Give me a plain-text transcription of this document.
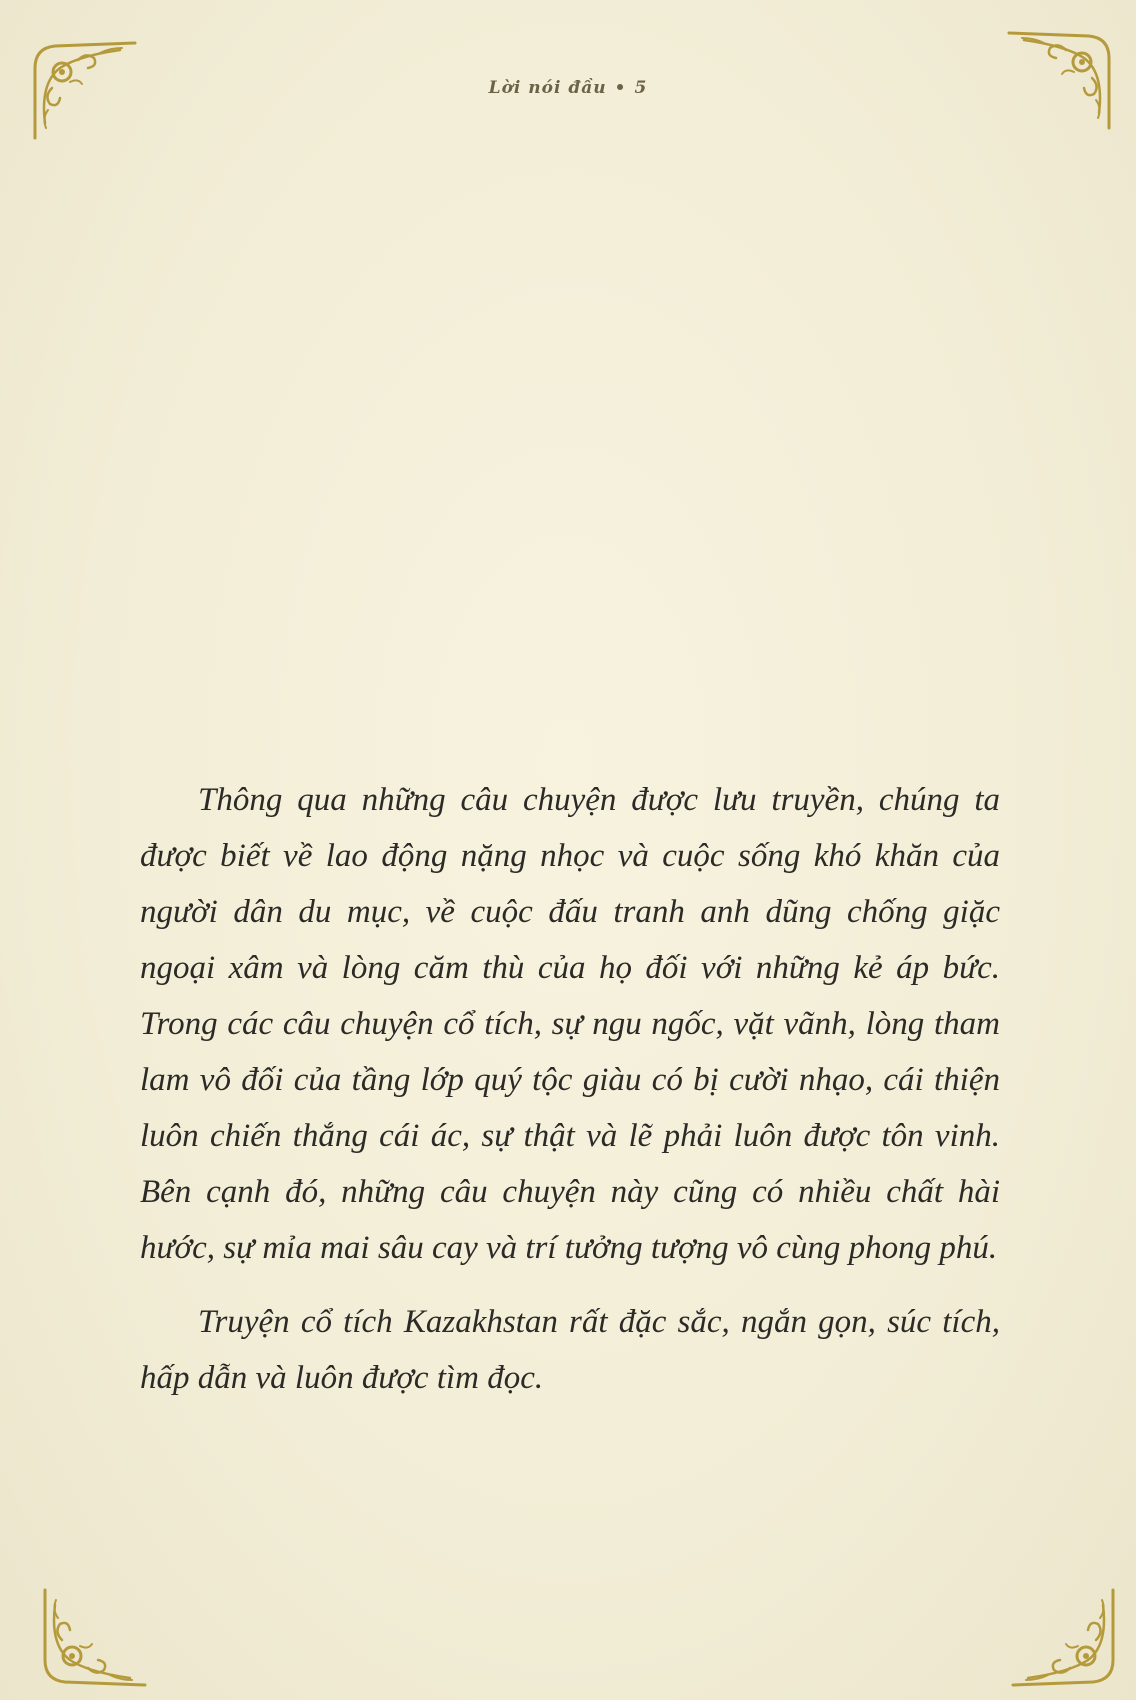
Lời nói đầu • 5

Thông qua những câu chuyện được lưu truyền, chúng ta được biết về lao động nặng nhọc và cuộc sống khó khăn của người dân du mục, về cuộc đấu tranh anh dũng chống giặc ngoại xâm và lòng căm thù của họ đối với những kẻ áp bức. Trong các câu chuyện cổ tích, sự ngu ngốc, vặt vãnh, lòng tham lam vô đối của tầng lớp quý tộc giàu có bị cười nhạo, cái thiện luôn chiến thắng cái ác, sự thật và lẽ phải luôn được tôn vinh. Bên cạnh đó, những câu chuyện này cũng có nhiều chất hài hước, sự mỉa mai sâu cay và trí tưởng tượng vô cùng phong phú.

Truyện cổ tích Kazakhstan rất đặc sắc, ngắn gọn, súc tích, hấp dẫn và luôn được tìm đọc.
